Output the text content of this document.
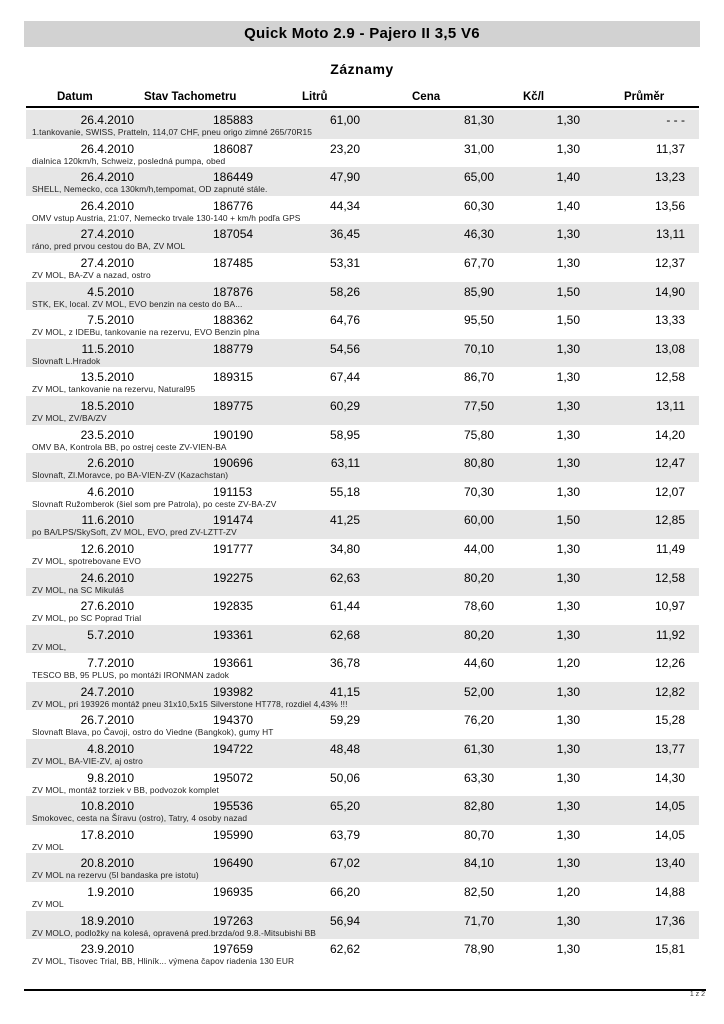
Quick Moto 2.9 - Pajero II 3,5 V6
Záznamy
Datum	Stav Tachometru	Litrů	Cena	Kč/l	Průměr
26.4.2010	185883	61,00	81,30	1,30	- - -
1.tankovanie, SWISS, Pratteln, 114,07 CHF, pneu origo zimné 265/70R15
26.4.2010	186087	23,20	31,00	1,30	11,37
dialnica 120km/h, Schweiz, posledná pumpa, obed
26.4.2010	186449	47,90	65,00	1,40	13,23
SHELL, Nemecko, cca 130km/h,tempomat, OD zapnuté stále.
26.4.2010	186776	44,34	60,30	1,40	13,56
OMV vstup Austria, 21:07, Nemecko trvale 130-140 + km/h podľa GPS
27.4.2010	187054	36,45	46,30	1,30	13,11
ráno, pred prvou cestou do BA, ZV MOL
27.4.2010	187485	53,31	67,70	1,30	12,37
ZV MOL, BA-ZV a nazad, ostro
4.5.2010	187876	58,26	85,90	1,50	14,90
STK, EK, local. ZV MOL, EVO benzin na cesto do BA...
7.5.2010	188362	64,76	95,50	1,50	13,33
ZV MOL, z IDEBu, tankovanie na rezervu, EVO Benzin plna
11.5.2010	188779	54,56	70,10	1,30	13,08
Slovnaft L.Hradok
13.5.2010	189315	67,44	86,70	1,30	12,58
ZV MOL, tankovanie na rezervu, Natural95
18.5.2010	189775	60,29	77,50	1,30	13,11
ZV MOL, ZV/BA/ZV
23.5.2010	190190	58,95	75,80	1,30	14,20
OMV BA, Kontrola BB, po ostrej ceste ZV-VIEN-BA
2.6.2010	190696	63,11	80,80	1,30	12,47
Slovnaft, Zl.Moravce, po BA-VIEN-ZV (Kazachstan)
4.6.2010	191153	55,18	70,30	1,30	12,07
Slovnaft Ružomberok (šiel som pre Patrola), po ceste ZV-BA-ZV
11.6.2010	191474	41,25	60,00	1,50	12,85
po BA/LPS/SkySoft, ZV MOL, EVO, pred ZV-LZTT-ZV
12.6.2010	191777	34,80	44,00	1,30	11,49
ZV MOL, spotrebovane EVO
24.6.2010	192275	62,63	80,20	1,30	12,58
ZV MOL, na SC Mikuláš
27.6.2010	192835	61,44	78,60	1,30	10,97
ZV MOL, po SC Poprad Trial
5.7.2010	193361	62,68	80,20	1,30	11,92
ZV MOL,
7.7.2010	193661	36,78	44,60	1,20	12,26
TESCO BB, 95 PLUS, po montáži IRONMAN zadok
24.7.2010	193982	41,15	52,00	1,30	12,82
ZV MOL, pri 193926 montáž pneu 31x10,5x15 Silverstone HT778, rozdiel 4,43% !!!
26.7.2010	194370	59,29	76,20	1,30	15,28
Slovnaft Blava, po Čavoji, ostro do Viedne (Bangkok), gumy HT
4.8.2010	194722	48,48	61,30	1,30	13,77
ZV MOL, BA-VIE-ZV, aj ostro
9.8.2010	195072	50,06	63,30	1,30	14,30
ZV MOL, montáž torziek v BB, podvozok komplet
10.8.2010	195536	65,20	82,80	1,30	14,05
Smokovec, cesta na Šíravu (ostro), Tatry, 4 osoby nazad
17.8.2010	195990	63,79	80,70	1,30	14,05
ZV MOL
20.8.2010	196490	67,02	84,10	1,30	13,40
ZV MOL na rezervu (5l bandaska pre istotu)
1.9.2010	196935	66,20	82,50	1,20	14,88
ZV MOL
18.9.2010	197263	56,94	71,70	1,30	17,36
ZV MOLO, podložky na kolesá, opravená pred.brzda/od 9.8.-Mitsubishi BB
23.9.2010	197659	62,62	78,90	1,30	15,81
ZV MOL, Tisovec Trial, BB, Hliník... výmena čapov riadenia 130 EUR
1 z 2
